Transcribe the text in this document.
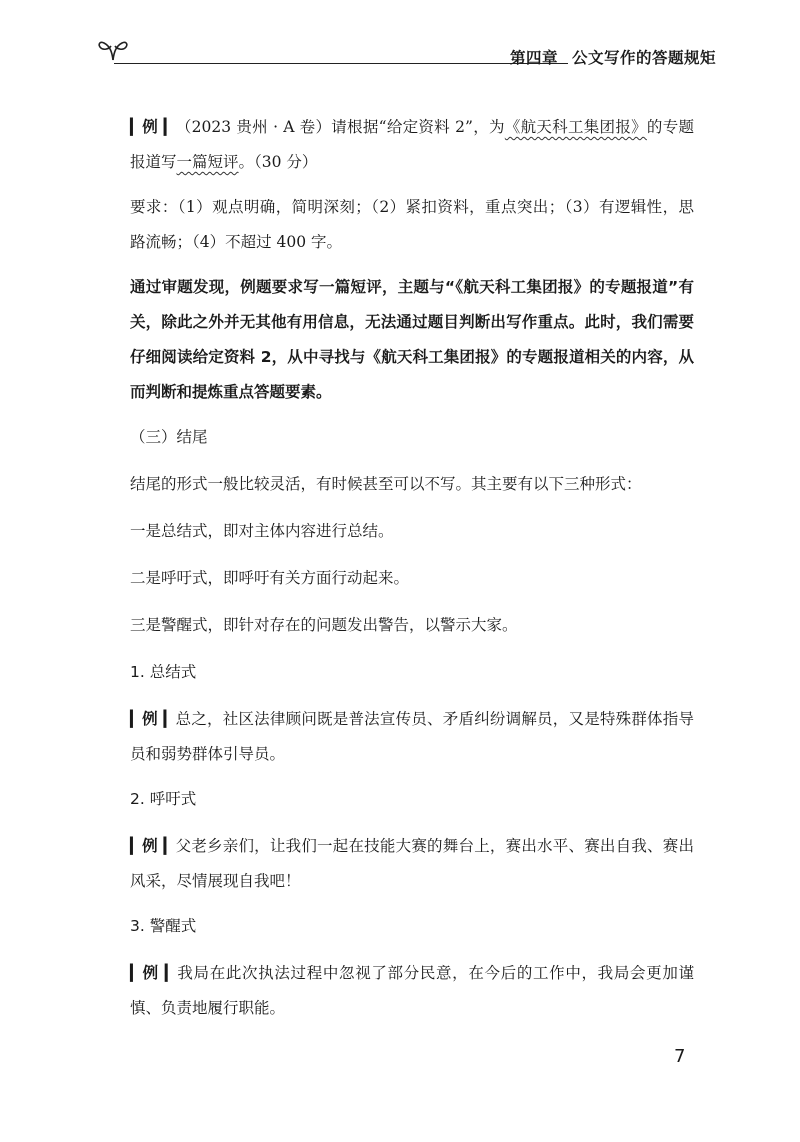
第四章 公文写作的答题规矩

▎例 ▎（2023 贵州 · A 卷）请根据“给定资料 2”，为《航天科工集团报》的专题报道写一篇短评。（30 分）

要求：（1）观点明确，简明深刻；（2）紧扣资料，重点突出；（3）有逻辑性，思路流畅；（4）不超过 400 字。

通过审题发现，例题要求写一篇短评，主题与“《航天科工集团报》的专题报道”有关，除此之外并无其他有用信息，无法通过题目判断出写作重点。此时，我们需要仔细阅读给定资料 2，从中寻找与《航天科工集团报》的专题报道相关的内容，从而判断和提炼重点答题要素。

（三）结尾

结尾的形式一般比较灵活，有时候甚至可以不写。其主要有以下三种形式：

一是总结式，即对主体内容进行总结。

二是呼吁式，即呼吁有关方面行动起来。

三是警醒式，即针对存在的问题发出警告，以警示大家。

1. 总结式

▎例 ▎总之，社区法律顾问既是普法宣传员、矛盾纠纷调解员，又是特殊群体指导员和弱势群体引导员。

2. 呼吁式

▎例 ▎父老乡亲们，让我们一起在技能大赛的舞台上，赛出水平、赛出自我、赛出风采，尽情展现自我吧！

3. 警醒式

▎例 ▎我局在此次执法过程中忽视了部分民意，在今后的工作中，我局会更加谨慎、负责地履行职能。

7
